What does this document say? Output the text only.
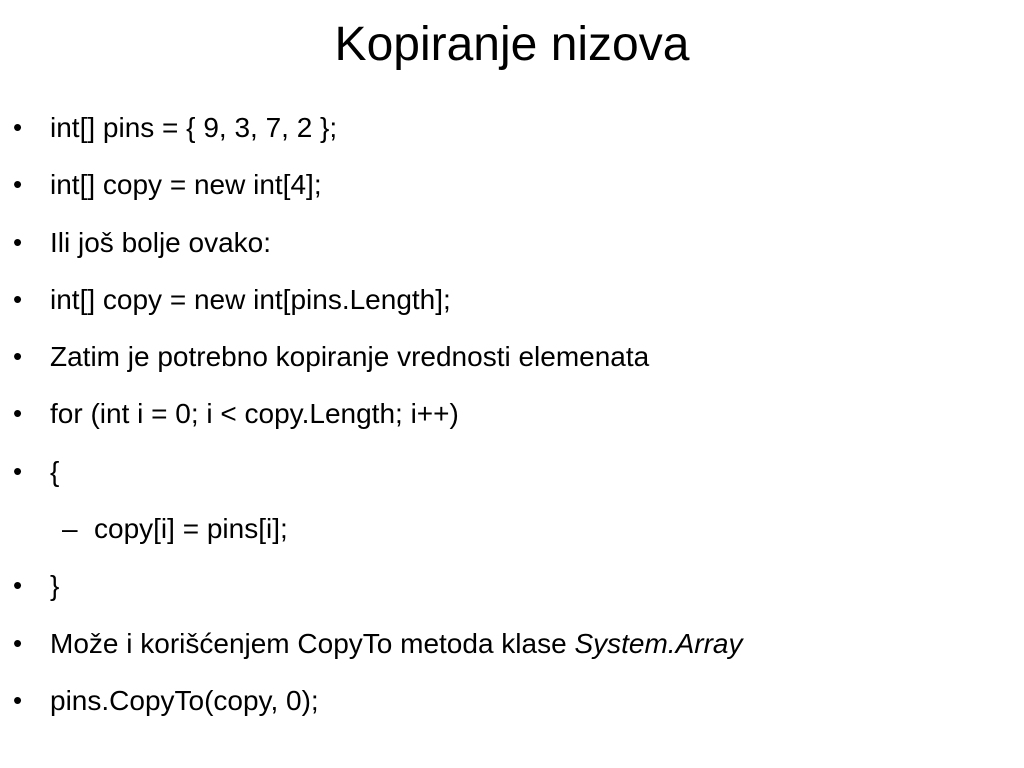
Kopiranje nizova
• int[] pins = { 9, 3, 7, 2 };
• int[] copy = new int[4];
• Ili još bolje ovako:
• int[] copy = new int[pins.Length];
• Zatim je potrebno kopiranje vrednosti elemenata
• for (int i = 0; i < copy.Length; i++)
• {
– copy[i] = pins[i];
• }
• Može i korišćenjem CopyTo metoda klase System.Array
• pins.CopyTo(copy, 0);
